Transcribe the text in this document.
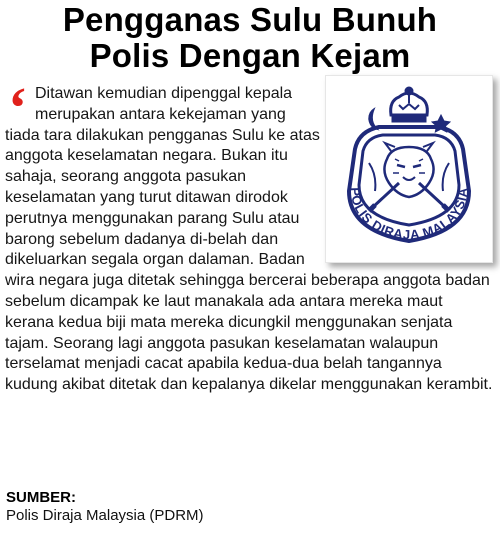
Pengganas Sulu Bunuh
Polis Dengan Kejam
‘ Ditawan kemudian dipenggal kepala merupakan antara kekejaman yang tiada tara dilakukan pengganas Sulu ke atas anggota keselamatan negara. Bukan itu sahaja, seorang anggota pasukan keselamatan yang turut ditawan dirodok perutnya menggunakan parang Sulu atau barong sebelum dadanya di-belah dan dikeluarkan segala organ dalaman. Badan wira negara juga ditetak sehingga bercerai beberapa anggota badan sebelum dicampak ke laut manakala ada antara mereka maut kerana kedua biji mata mereka dicungkil menggunakan senjata tajam. Seorang lagi anggota pasukan keselamatan walaupun terselamat menjadi cacat apabila kedua-dua belah tangannya kudung akibat ditetak dan kepalanya dikelar menggunakan kerambit.
POLIS DIRAJA MALAYSIA
SUMBER:
Polis Diraja Malaysia (PDRM)
